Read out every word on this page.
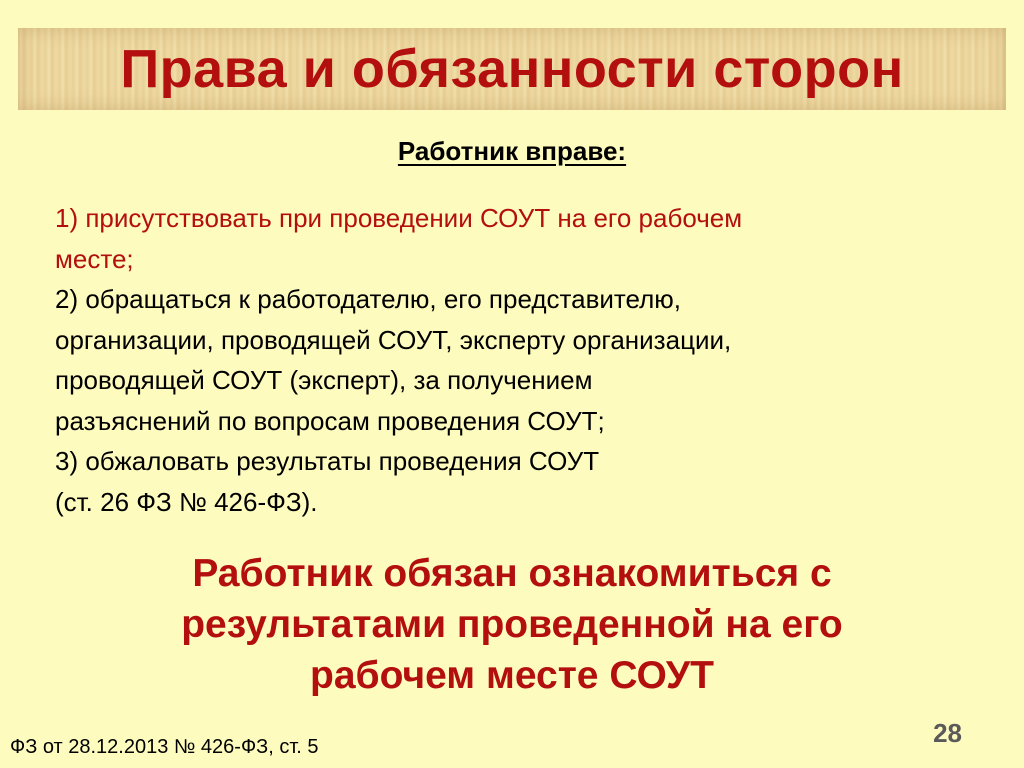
Права и обязанности сторон
Работник вправе:
1) присутствовать при проведении СОУТ на его рабочем
месте;
2) обращаться к работодателю, его представителю,
организации, проводящей СОУТ, эксперту организации,
проводящей СОУТ (эксперт), за получением
разъяснений по вопросам проведения СОУТ;
3) обжаловать результаты проведения СОУТ
(ст. 26 ФЗ № 426-ФЗ).
Работник обязан ознакомиться с
результатами проведенной на его
рабочем месте СОУТ
ФЗ от 28.12.2013 № 426-ФЗ, ст. 5	28
